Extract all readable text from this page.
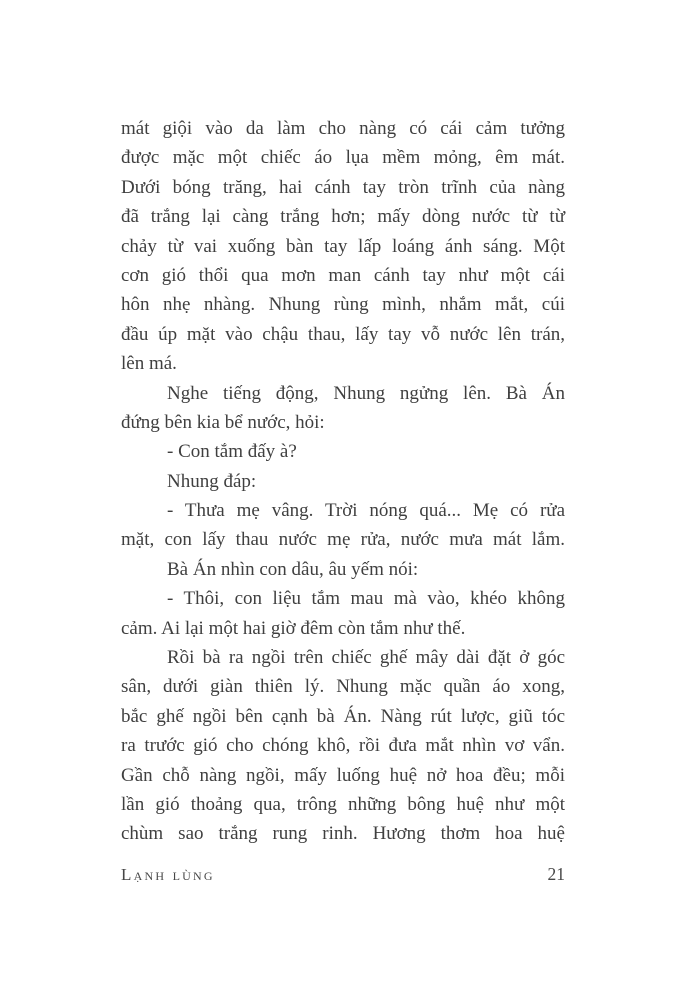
mát giội vào da làm cho nàng có cái cảm tưởng
được mặc một chiếc áo lụa mềm mỏng, êm mát.
Dưới bóng trăng, hai cánh tay tròn trĩnh của nàng
đã trắng lại càng trắng hơn; mấy dòng nước từ từ
chảy từ vai xuống bàn tay lấp loáng ánh sáng. Một
cơn gió thổi qua mơn man cánh tay như một cái
hôn nhẹ nhàng. Nhung rùng mình, nhắm mắt, cúi
đầu úp mặt vào chậu thau, lấy tay vỗ nước lên trán,
lên má.
Nghe tiếng động, Nhung ngửng lên. Bà Án
đứng bên kia bể nước, hỏi:
- Con tắm đấy à?
Nhung đáp:
- Thưa mẹ vâng. Trời nóng quá... Mẹ có rửa
mặt, con lấy thau nước mẹ rửa, nước mưa mát lắm.
Bà Án nhìn con dâu, âu yếm nói:
- Thôi, con liệu tắm mau mà vào, khéo không
cảm. Ai lại một hai giờ đêm còn tắm như thế.
Rồi bà ra ngồi trên chiếc ghế mây dài đặt ở góc
sân, dưới giàn thiên lý. Nhung mặc quần áo xong,
bắc ghế ngồi bên cạnh bà Án. Nàng rút lược, giũ tóc
ra trước gió cho chóng khô, rồi đưa mắt nhìn vơ vẩn.
Gần chỗ nàng ngồi, mấy luống huệ nở hoa đều; mỗi
lần gió thoảng qua, trông những bông huệ như một
chùm sao trắng rung rinh. Hương thơm hoa huệ
Lạnh lùng	21
